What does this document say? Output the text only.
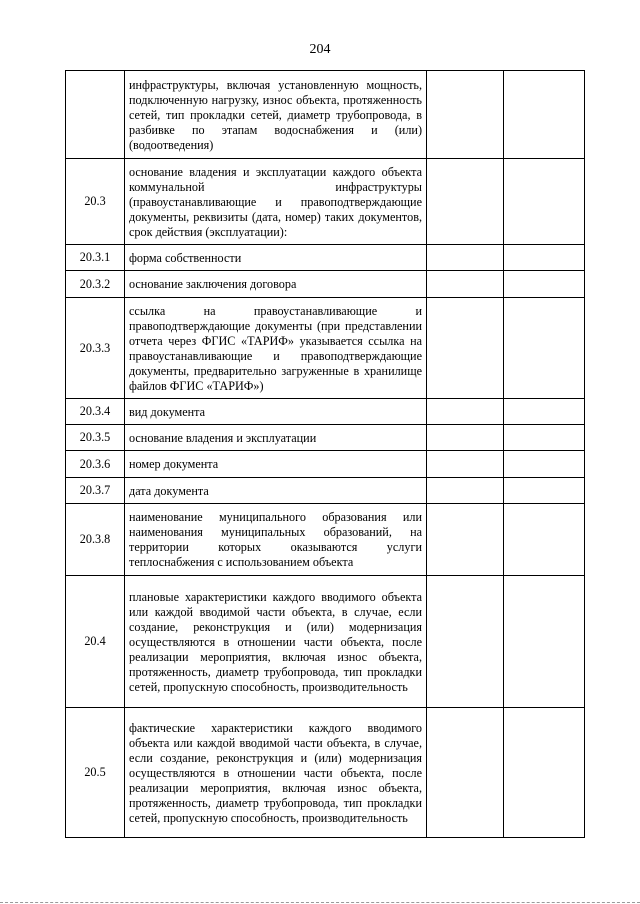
204
	инфраструктуры, включая установленную мощность, подключенную нагрузку, износ объекта, протяженность сетей, тип прокладки сетей, диаметр трубопровода, в разбивке по этапам водоснабжения и (или) (водоотведения)		
20.3	основание владения и эксплуатации каждого объекта коммунальной инфраструктуры (правоустанавливающие и правоподтверждающие документы, реквизиты (дата, номер) таких документов, срок действия (эксплуатации):		
20.3.1	форма собственности		
20.3.2	основание заключения договора		
20.3.3	ссылка на правоустанавливающие и правоподтверждающие документы (при представлении отчета через ФГИС «ТАРИФ» указывается ссылка на правоустанавливающие и правоподтверждающие документы, предварительно загруженные в хранилище файлов ФГИС «ТАРИФ»)		
20.3.4	вид документа		
20.3.5	основание владения и эксплуатации		
20.3.6	номер документа		
20.3.7	дата документа		
20.3.8	наименование муниципального образования или наименования муниципальных образований, на территории которых оказываются услуги теплоснабжения с использованием объекта		
20.4	плановые характеристики каждого вводимого объекта или каждой вводимой части объекта, в случае, если создание, реконструкция и (или) модернизация осуществляются в отношении части объекта, после реализации мероприятия, включая износ объекта, протяженность, диаметр трубопровода, тип прокладки сетей, пропускную способность, производительность		
20.5	фактические характеристики каждого вводимого объекта или каждой вводимой части объекта, в случае, если создание, реконструкция и (или) модернизация осуществляются в отношении части объекта, после реализации мероприятия, включая износ объекта, протяженность, диаметр трубопровода, тип прокладки сетей, пропускную способность, производительность		
